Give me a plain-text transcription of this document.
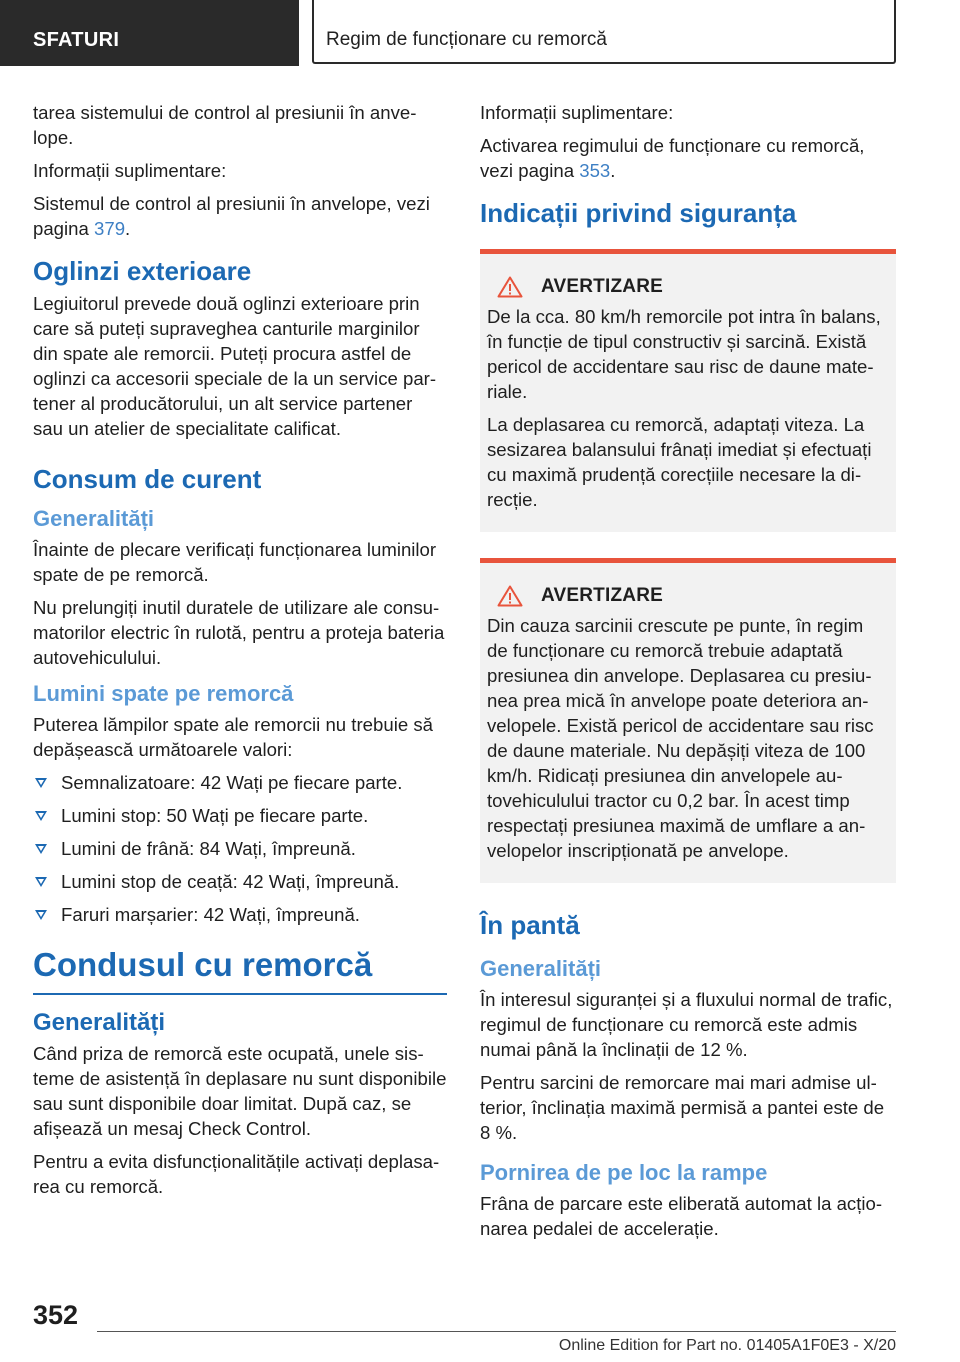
SFATURI	Regim de funcționare cu remorcă

tarea sistemului de control al presiunii în anvelope.

Informații suplimentare:

Sistemul de control al presiunii în anvelope, vezi pagina 379.

Oglinzi exterioare

Legiuitorul prevede două oglinzi exterioare prin care să puteți supraveghea canturile marginilor din spate ale remorcii. Puteți procura astfel de oglinzi ca accesorii speciale de la un service partener al producătorului, un alt service partener sau un atelier de specialitate calificat.

Consum de curent
Generalități

Înainte de plecare verificați funcționarea luminilor spate de pe remorcă.

Nu prelungiți inutil duratele de utilizare ale consumatorilor electric în rulotă, pentru a proteja bateria autovehiculului.

Lumini spate pe remorcă

Puterea lămpilor spate ale remorcii nu trebuie să depășească următoarele valori:

Semnalizatoare: 42 Wați pe fiecare parte.
Lumini stop: 50 Wați pe fiecare parte.
Lumini de frână: 84 Wați, împreună.
Lumini stop de ceață: 42 Wați, împreună.
Faruri marșarier: 42 Wați, împreună.
Condusul cu remorcă
Generalități

Când priza de remorcă este ocupată, unele sisteme de asistență în deplasare nu sunt disponibile sau sunt disponibile doar limitat. După caz, se afișează un mesaj Check Control.

Pentru a evita disfuncționalitățile activați deplasarea cu remorcă.

Informații suplimentare:

Activarea regimului de funcționare cu remorcă, vezi pagina 353.

Indicații privind siguranța
AVERTIZARE

De la cca. 80 km/h remorcile pot intra în balans, în funcție de tipul constructiv și sarcină. Există pericol de accidentare sau risc de daune materiale.

La deplasarea cu remorcă, adaptați viteza. La sesizarea balansului frânați imediat și efectuați cu maximă prudență corecțiile necesare la direcție.

AVERTIZARE

Din cauza sarcinii crescute pe punte, în regim de funcționare cu remorcă trebuie adaptată presiunea din anvelope. Deplasarea cu presiunea prea mică în anvelope poate deteriora anvelopele. Există pericol de accidentare sau risc de daune materiale. Nu depășiți viteza de 100 km/h. Ridicați presiunea din anvelopele autovehiculului tractor cu 0,2 bar. În acest timp respectați presiunea maximă de umflare a anvelopelor inscripționată pe anvelope.

În pantă
Generalități

În interesul siguranței și a fluxului normal de trafic, regimul de funcționare cu remorcă este admis numai până la înclinații de 12 %.

Pentru sarcini de remorcare mai mari admise ulterior, înclinația maximă permisă a pantei este de 8 %.

Pornirea de pe loc la rampe

Frâna de parcare este eliberată automat la acționarea pedalei de accelerație.

352
Online Edition for Part no. 01405A1F0E3 - X/20
